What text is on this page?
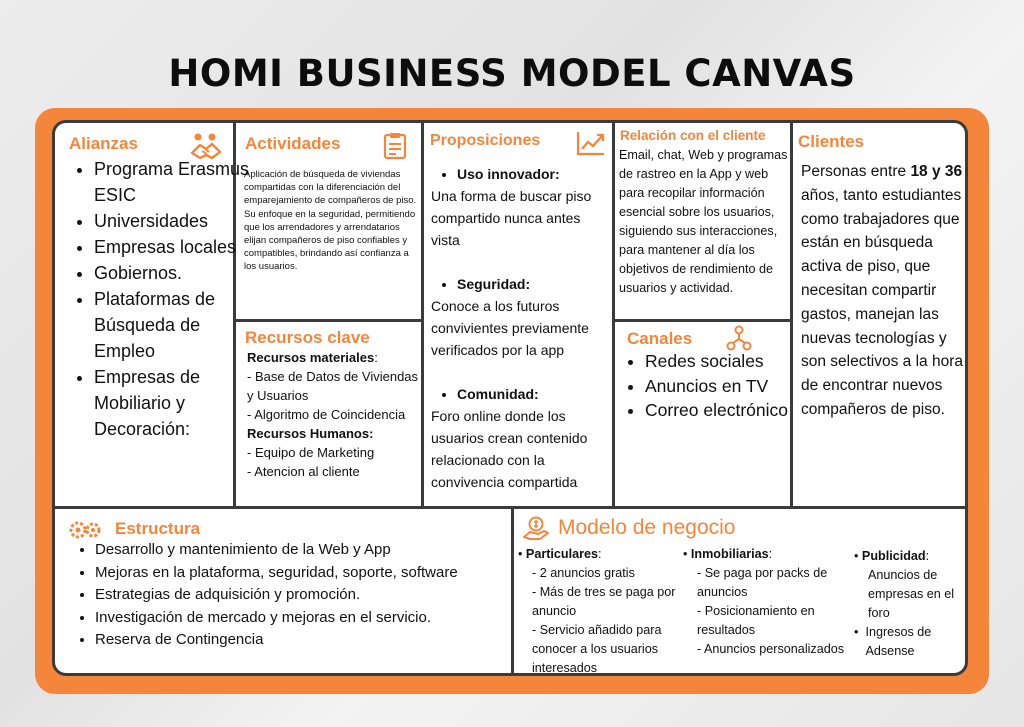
HOMI BUSINESS MODEL CANVAS
Alianzas
• Programa Erasmus ESIC
• Universidades
• Empresas locales
• Gobiernos.
• Plataformas de Búsqueda de Empleo
• Empresas de Mobiliario y Decoración:
Actividades

Aplicación de búsqueda de viviendas compartidas con la diferenciación del emparejamiento de compañeros de piso.

Su enfoque en la seguridad, permitiendo que los arrendadores y arrendatarios elijan compañeros de piso confiables y compatibles, brindando así confianza a los usuarios.

Recursos clave
Recursos materiales:
- Base de Datos de Viviendas y Usuarios
- Algoritmo de Coincidencia
Recursos Humanos:
- Equipo de Marketing
- Atencion al cliente
Proposiciones
• Uso innovador:

Una forma de buscar piso compartido nunca antes vista

• Seguridad:

Conoce a los futuros convivientes previamente verificados por la app

• Comunidad:

Foro online donde los usuarios crean contenido relacionado con la convivencia compartida

Relación con el cliente
Email, chat, Web y programas de rastreo en la App y web para recopilar información esencial sobre los usuarios, siguiendo sus interacciones, para mantener al día los objetivos de rendimiento de usuarios y actividad.
Canales
• Redes sociales
• Anuncios en TV
• Correo electrónico
Clientes
Personas entre 18 y 36 años, tanto estudiantes como trabajadores que están en búsqueda activa de piso, que necesitan compartir gastos, manejan las nuevas tecnologías y son selectivos a la hora de encontrar nuevos compañeros de piso.
Estructura
• Desarrollo y mantenimiento de la Web y App
• Mejoras en la plataforma, seguridad, soporte, software
• Estrategias de adquisición y promoción.
• Investigación de mercado y mejoras en el servicio.
• Reserva de Contingencia
Modelo de negocio
• Particulares:
- 2 anuncios gratis
- Más de tres se paga por anuncio
- Servicio añadido para conocer a los usuarios interesados
• Inmobiliarias:
- Se paga por packs de anuncios
- Posicionamiento en resultados
- Anuncios personalizados
• Publicidad:
Anuncios de empresas en el foro
• Ingresos de Adsense
